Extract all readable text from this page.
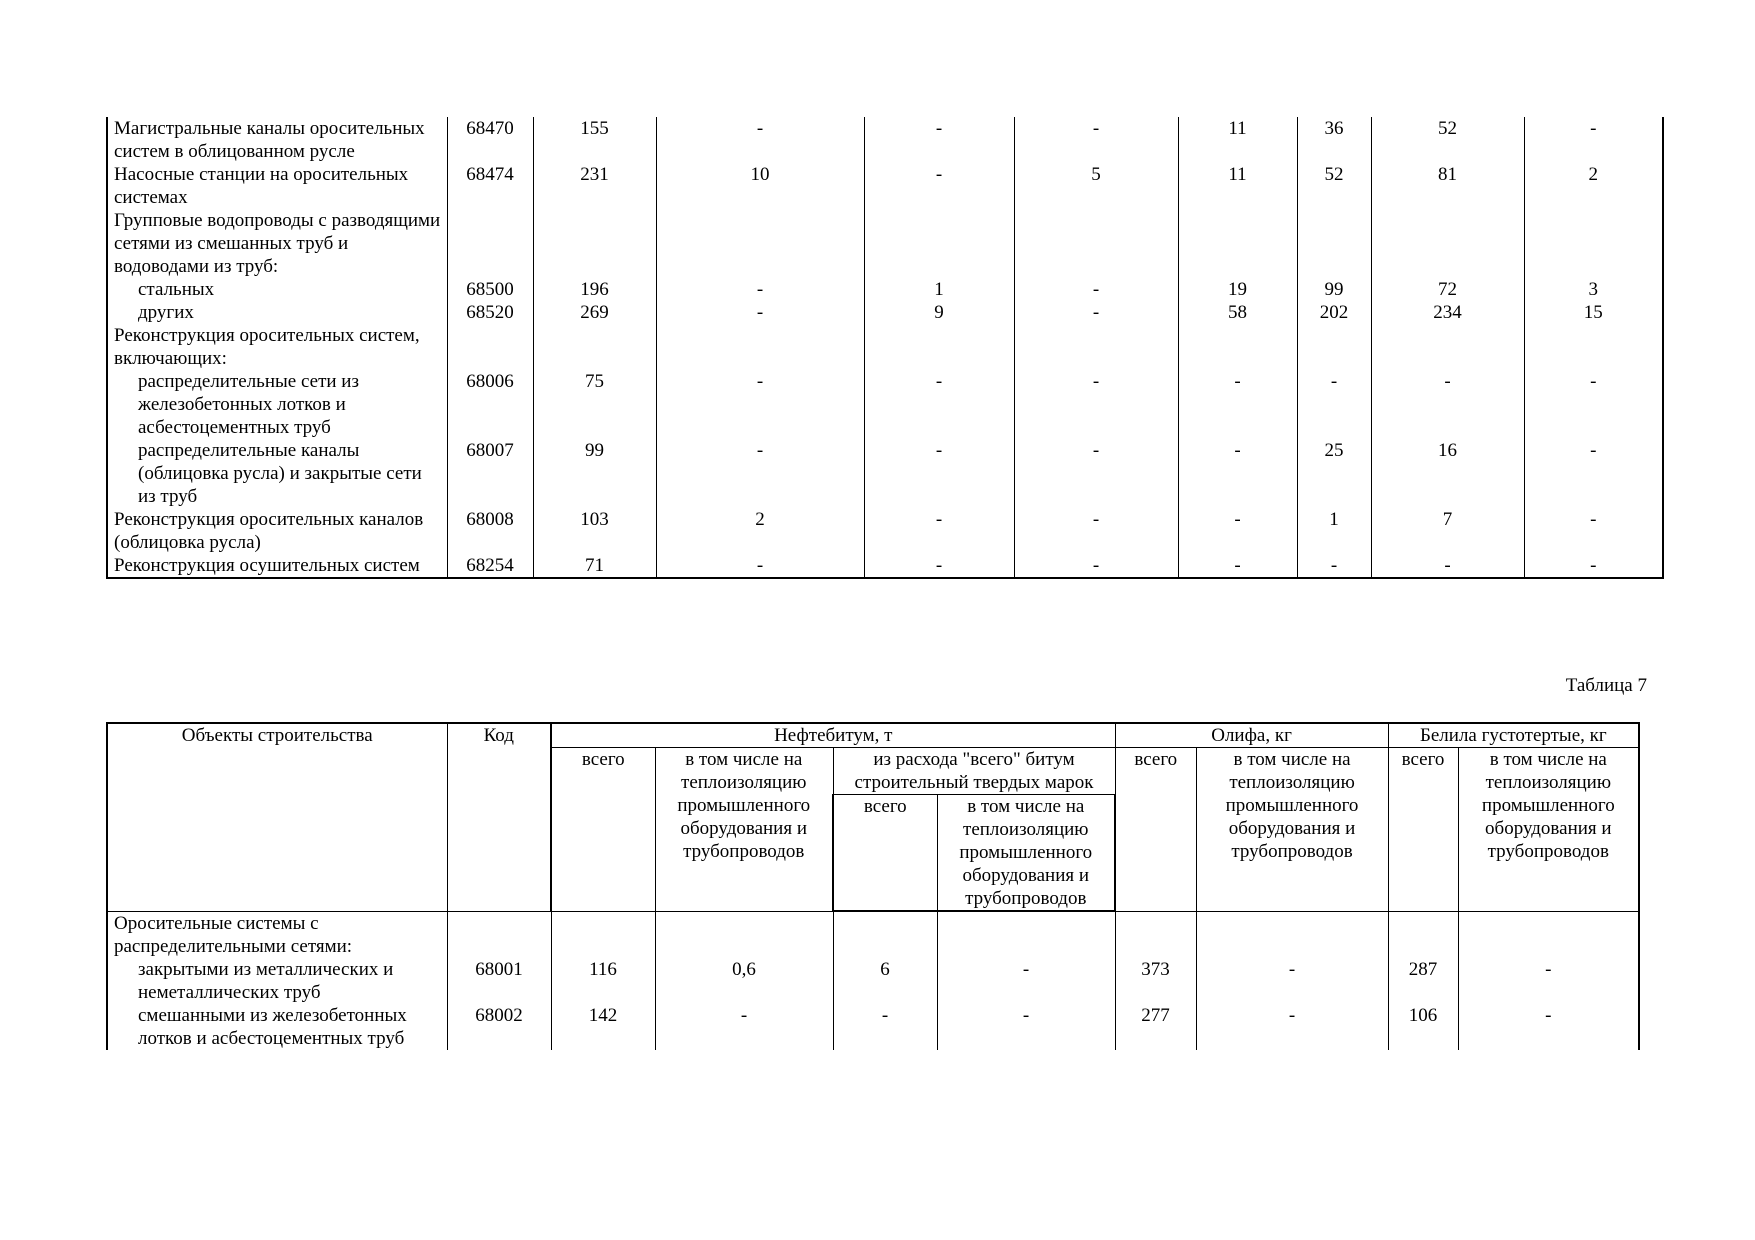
Магистральные каналы оросительных систем в облицованном русле	68470	155	-	-	-	11	36	52	-
Насосные станции на оросительных системах	68474	231	10	-	5	11	52	81	2
Групповые водопроводы с разводящими сетями из смешанных труб и водоводами из труб:									
стальных	68500	196	-	1	-	19	99	72	3
других	68520	269	-	9	-	58	202	234	15
Реконструкция оросительных систем, включающих:									
распределительные сети из железобетонных лотков и асбестоцементных труб	68006	75	-	-	-	-	-	-	-
распределительные каналы (облицовка русла) и закрытые сети из труб	68007	99	-	-	-	-	25	16	-
Реконструкция оросительных каналов (облицовка русла)	68008	103	2	-	-	-	1	7	-
Реконструкция осушительных систем	68254	71	-	-	-	-	-	-	-
Таблица 7
Объекты строительства	Код	Нефтебитум, т				Олифа, кг		Белила густотертые, кг	
		всего	в том числе на теплоизоляцию промышленного оборудования и трубопроводов	из расхода "всего" битум строительный твердых марок		всего	в том числе на теплоизоляцию промышленного оборудования и трубопроводов	всего	в том числе на теплоизоляцию промышленного оборудования и трубопроводов
				всего	в том числе на теплоизоляцию промышленного оборудования и трубопроводов				
Оросительные системы с распределительными сетями:									
закрытыми из металлических и неметаллических труб	68001	116	0,6	6	-	373	-	287	-
смешанными из железобетонных лотков и асбестоцементных труб	68002	142	-	-	-	277	-	106	-
